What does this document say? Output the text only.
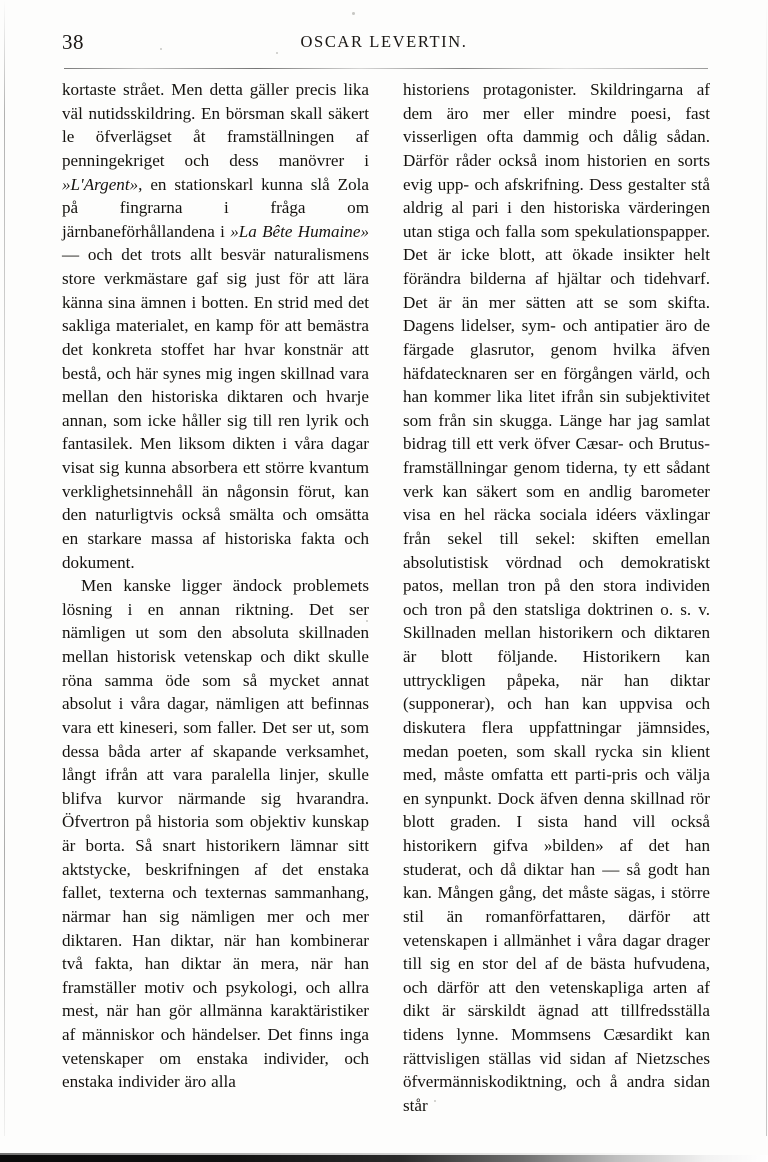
38	OSCAR LEVERTIN.

kortaste strået. Men detta gäller precis lika väl nutidsskildring. En börsman skall säkert le öfverlägset åt framställningen af penningekriget och dess manövrer i »L'Argent», en stationskarl kunna slå Zola på fingrarna i fråga om järnbaneförhållandena i »La Bête Humaine» — och det trots allt besvär naturalismens store verkmästare gaf sig just för att lära känna sina ämnen i botten. En strid med det sakliga materialet, en kamp för att bemästra det konkreta stoffet har hvar konstnär att bestå, och här synes mig ingen skillnad vara mellan den historiska diktaren och hvarje annan, som icke håller sig till ren lyrik och fantasilek. Men liksom dikten i våra dagar visat sig kunna absorbera ett större kvantum verklighetsinnehåll än någonsin förut, kan den naturligtvis också smälta och omsätta en starkare massa af historiska fakta och dokument.

Men kanske ligger ändock problemets lösning i en annan riktning. Det ser nämligen ut som den absoluta skillnaden mellan historisk vetenskap och dikt skulle röna samma öde som så mycket annat absolut i våra dagar, nämligen att befinnas vara ett kineseri, som faller. Det ser ut, som dessa båda arter af skapande verksamhet, långt ifrån att vara paralella linjer, skulle blifva kurvor närmande sig hvarandra. Öfvertron på historia som objektiv kunskap är borta. Så snart historikern lämnar sitt aktstycke, beskrifningen af det enstaka fallet, texterna och texternas sammanhang, närmar han sig nämligen mer och mer diktaren. Han diktar, när han kombinerar två fakta, han diktar än mera, när han framställer motiv och psykologi, och allra mest, när han gör allmänna karaktäristiker af människor och händelser. Det finns inga vetenskaper om enstaka individer, och enstaka individer äro alla

historiens protagonister. Skildringarna af dem äro mer eller mindre poesi, fast visserligen ofta dammig och dålig sådan. Därför råder också inom historien en sorts evig upp- och afskrifning. Dess gestalter stå aldrig al pari i den historiska värderingen utan stiga och falla som spekulationspapper. Det är icke blott, att ökade insikter helt förändra bilderna af hjältar och tidehvarf. Det är än mer sätten att se som skifta. Dagens lidelser, sym- och antipatier äro de färgade glasrutor, genom hvilka äfven häfdatecknaren ser en förgången värld, och han kommer lika litet ifrån sin subjektivitet som från sin skugga. Länge har jag samlat bidrag till ett verk öfver Cæsar- och Brutus-framställningar genom tiderna, ty ett sådant verk kan säkert som en andlig barometer visa en hel räcka sociala idéers växlingar från sekel till sekel: skiften emellan absolutistisk vördnad och demokratiskt patos, mellan tron på den stora individen och tron på den statsliga doktrinen o. s. v. Skillnaden mellan historikern och diktaren är blott följande. Historikern kan uttryckligen påpeka, när han diktar (supponerar), och han kan uppvisa och diskutera flera uppfattningar jämnsides, medan poeten, som skall rycka sin klient med, måste omfatta ett parti-pris och välja en synpunkt. Dock äfven denna skillnad rör blott graden. I sista hand vill också historikern gifva »bilden» af det han studerat, och då diktar han — så godt han kan. Mången gång, det måste sägas, i större stil än romanförfattaren, därför att vetenskapen i allmänhet i våra dagar drager till sig en stor del af de bästa hufvudena, och därför att den vetenskapliga arten af dikt är särskildt ägnad att tillfredsställa tidens lynne. Mommsens Cæsardikt kan rättvisligen ställas vid sidan af Nietzsches öfvermänniskodiktning, och å andra sidan står
